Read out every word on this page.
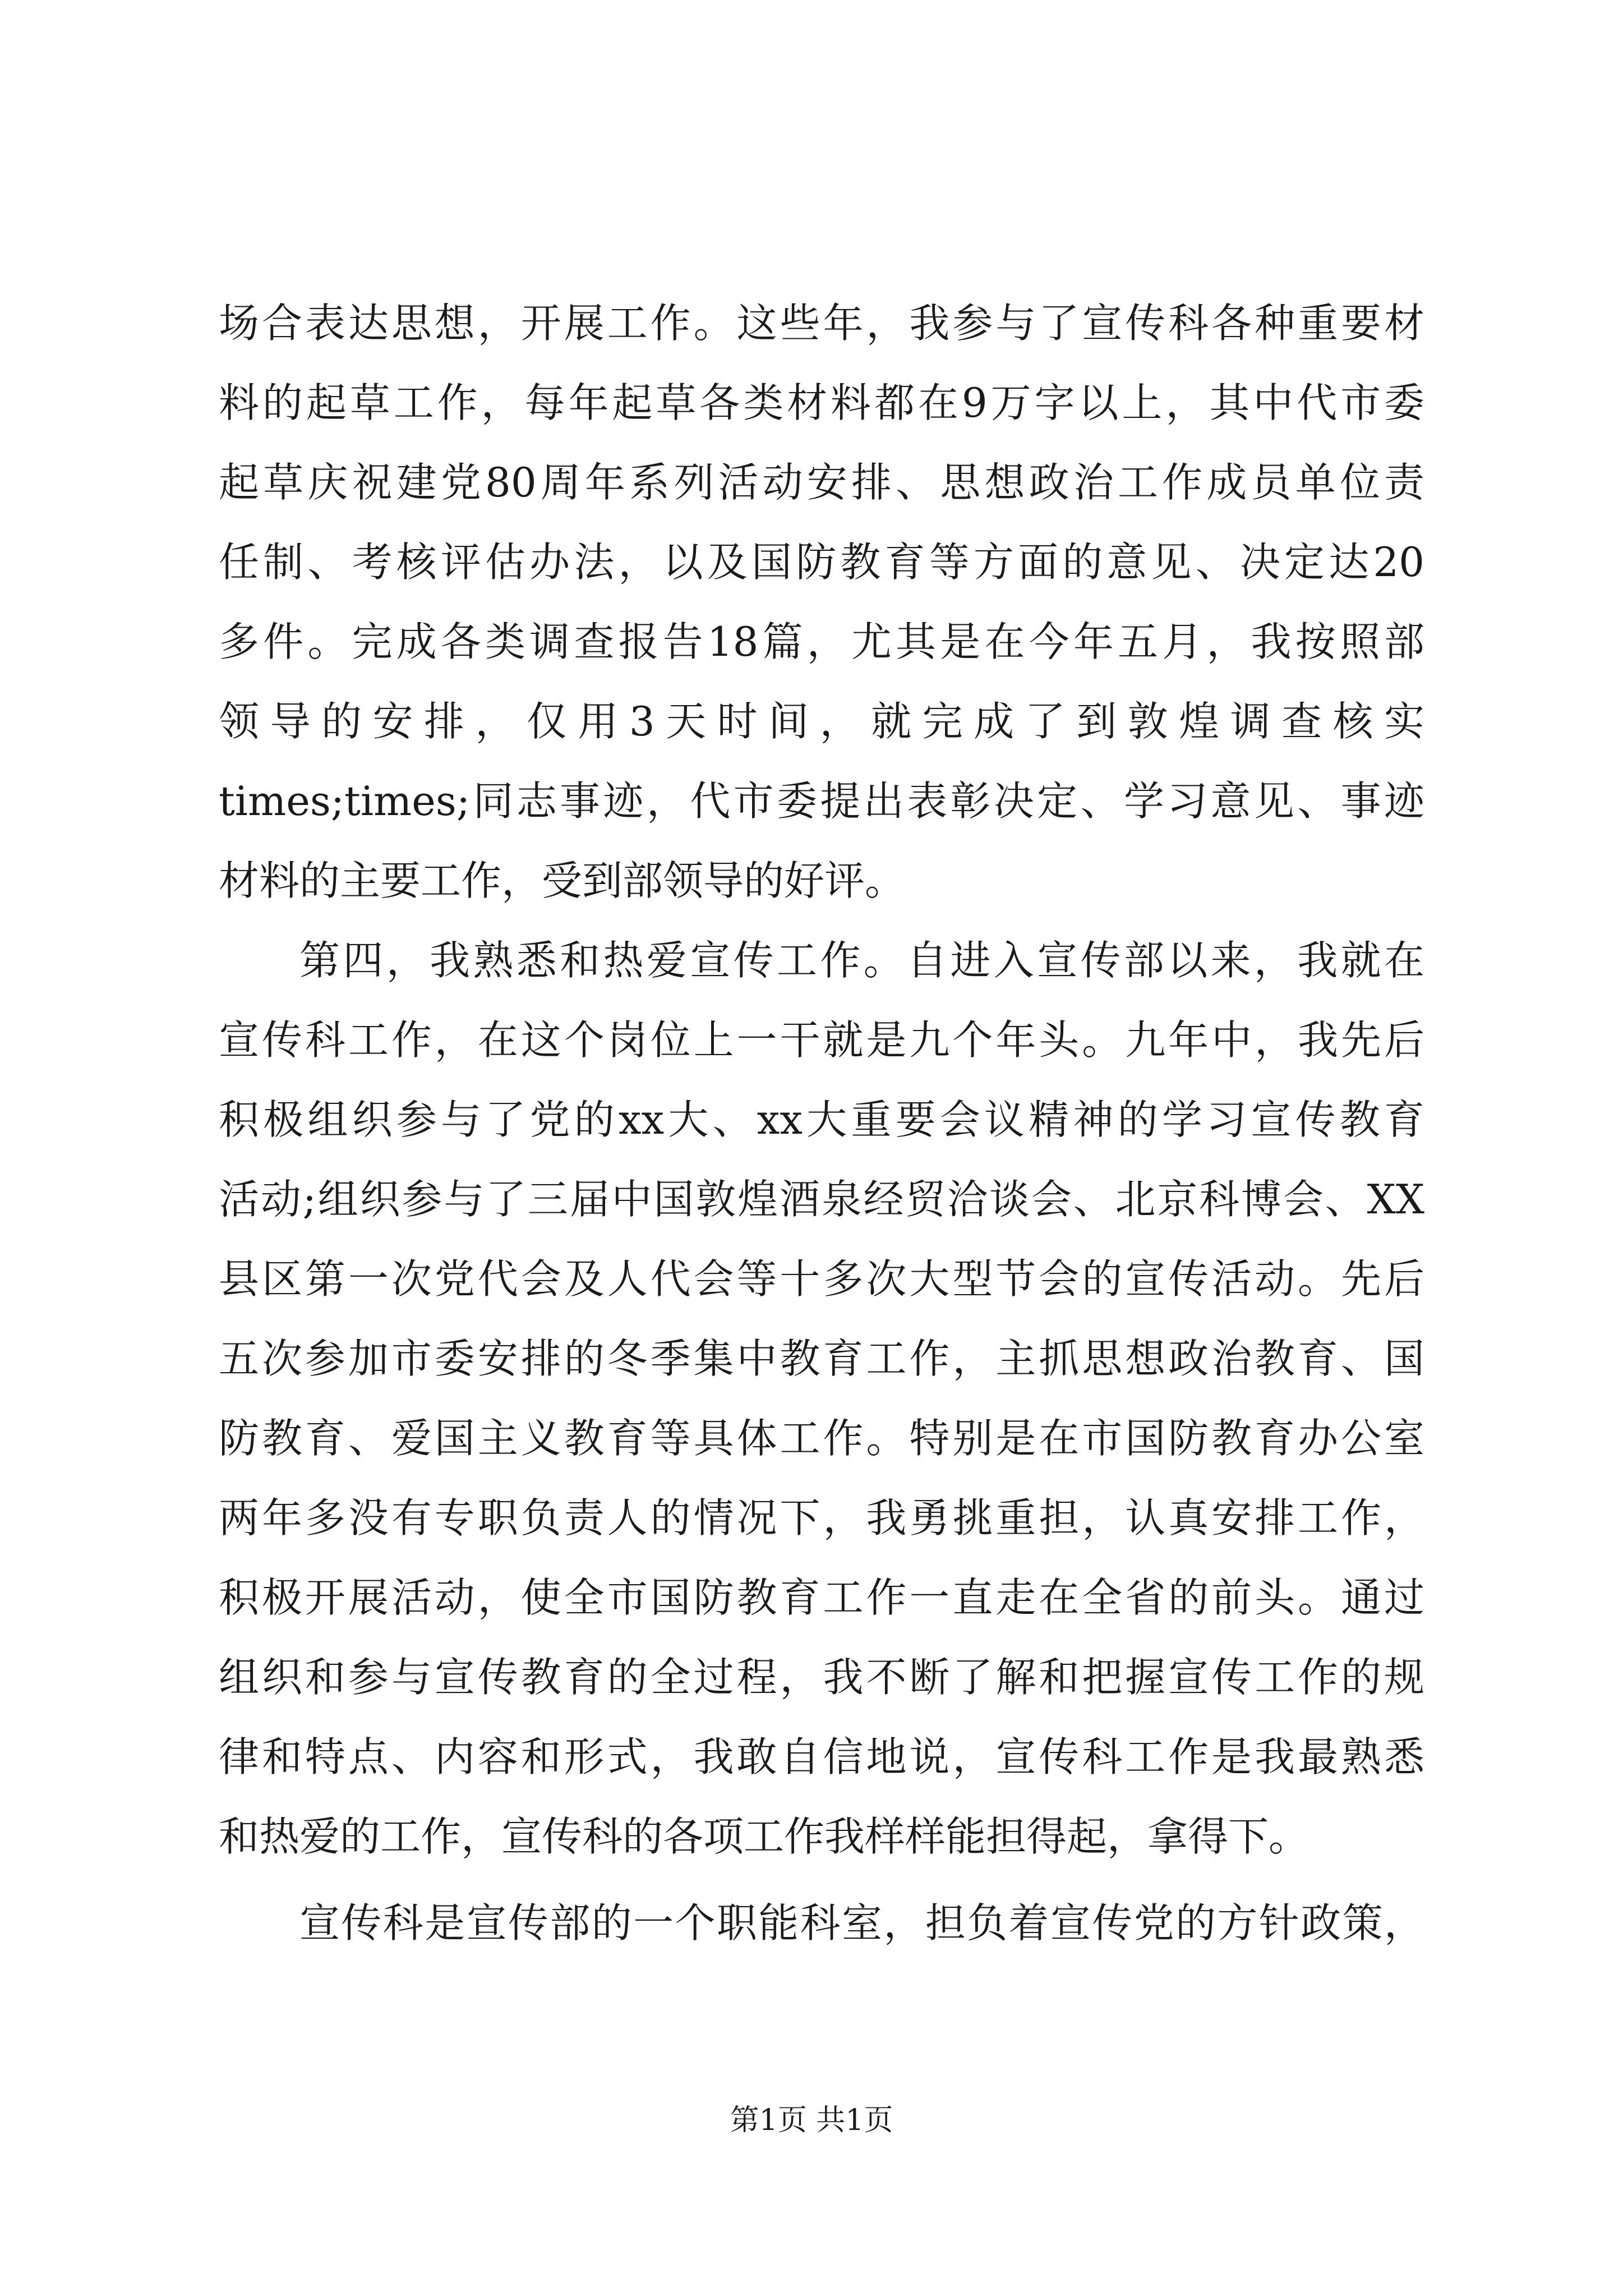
场合表达思想，开展工作。这些年，我参与了宣传科各种重要材
料的起草工作，每年起草各类材料都在9万字以上，其中代市委
起草庆祝建党80周年系列活动安排、思想政治工作成员单位责
任制、考核评估办法，以及国防教育等方面的意见、决定达20
多件。完成各类调查报告18篇，尤其是在今年五月，我按照部
领导的安排，仅用3天时间，就完成了到敦煌调查核实
times;times;同志事迹，代市委提出表彰决定、学习意见、事迹
材料的主要工作，受到部领导的好评。
第四，我熟悉和热爱宣传工作。自进入宣传部以来，我就在
宣传科工作，在这个岗位上一干就是九个年头。九年中，我先后
积极组织参与了党的xx大、xx大重要会议精神的学习宣传教育
活动;组织参与了三届中国敦煌酒泉经贸洽谈会、北京科博会、XX
县区第一次党代会及人代会等十多次大型节会的宣传活动。先后
五次参加市委安排的冬季集中教育工作，主抓思想政治教育、国
防教育、爱国主义教育等具体工作。特别是在市国防教育办公室
两年多没有专职负责人的情况下，我勇挑重担，认真安排工作，
积极开展活动，使全市国防教育工作一直走在全省的前头。通过
组织和参与宣传教育的全过程，我不断了解和把握宣传工作的规
律和特点、内容和形式，我敢自信地说，宣传科工作是我最熟悉
和热爱的工作，宣传科的各项工作我样样能担得起，拿得下。
宣传科是宣传部的一个职能科室，担负着宣传党的方针政策，
第1页 共1页
